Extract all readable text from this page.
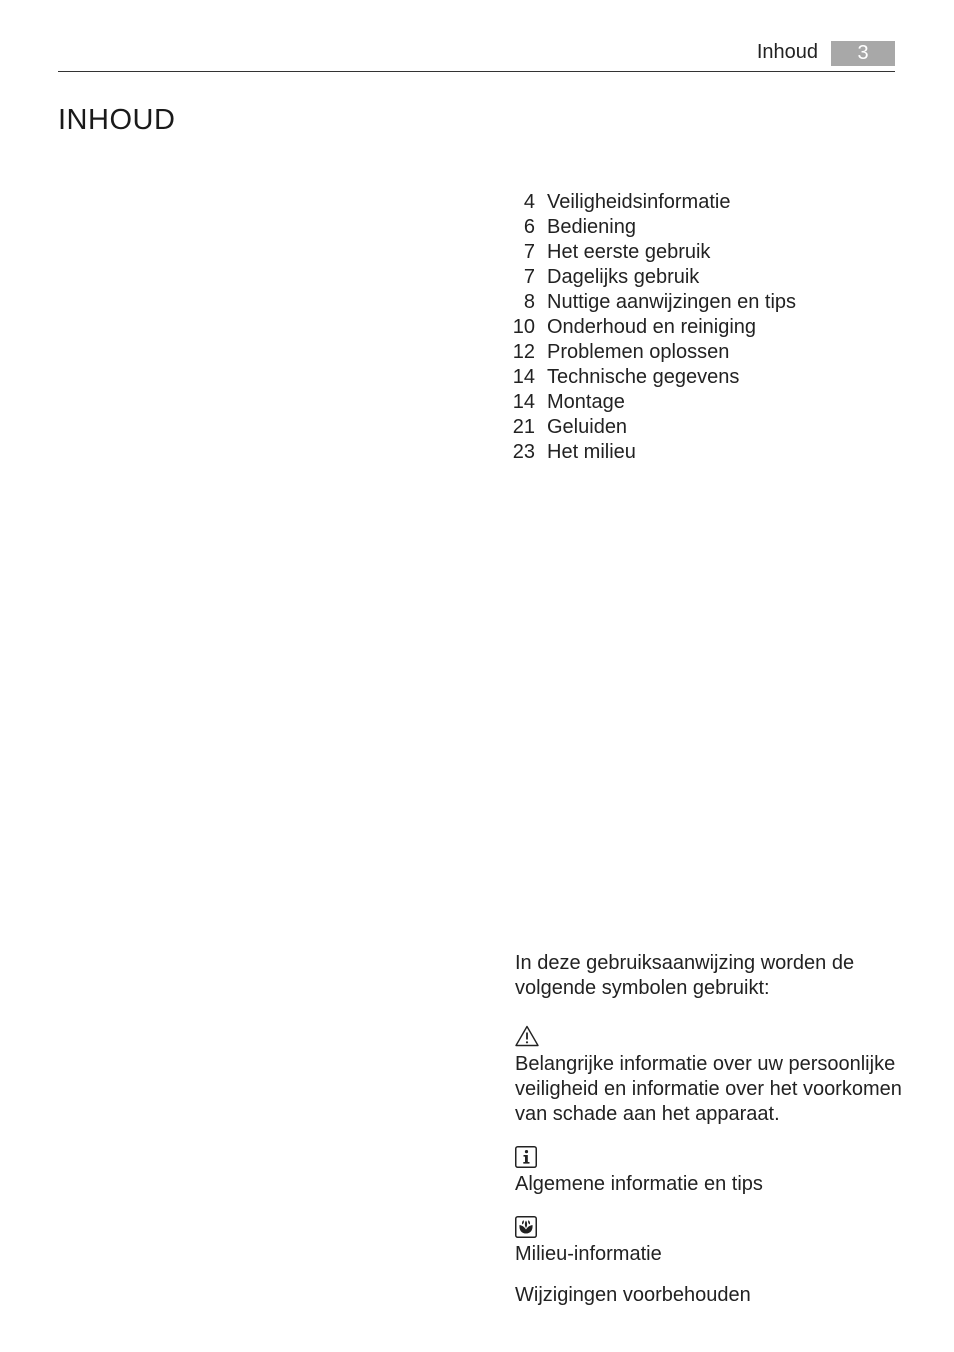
Inhoud	3
INHOUD
4 Veiligheidsinformatie
6 Bediening
7 Het eerste gebruik
7 Dagelijks gebruik
8 Nuttige aanwijzingen en tips
10 Onderhoud en reiniging
12 Problemen oplossen
14 Technische gegevens
14 Montage
21 Geluiden
23 Het milieu

In deze gebruiksaanwijzing worden de

volgende symbolen gebruikt:

Belangrijke informatie over uw persoonlijke

veiligheid en informatie over het voorkomen

van schade aan het apparaat.

Algemene informatie en tips

Milieu-informatie

Wijzigingen voorbehouden
